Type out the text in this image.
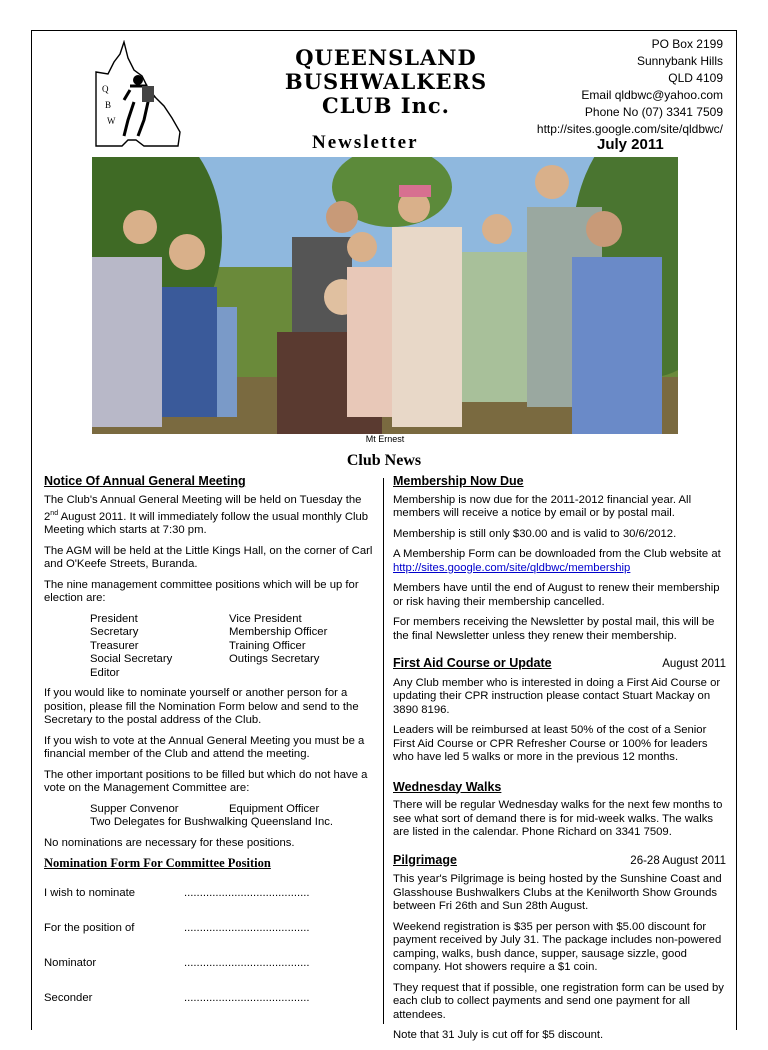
Q
B
W
QUEENSLAND
BUSHWALKERS
CLUB Inc.
Newsletter
PO Box 2199
Sunnybank Hills
QLD 4109
Email qldbwc@yahoo.com
Phone No (07) 3341 7509
http://sites.google.com/site/qldbwc/
July 2011
Mt Ernest
Club News
Notice Of Annual General Meeting

The Club's Annual General Meeting will be held on Tuesday the 2nd August 2011. It will immediately follow the usual monthly Club Meeting which starts at 7:30 pm.

The AGM will be held at the Little Kings Hall, on the corner of Carl and O'Keefe Streets, Buranda.

The nine management committee positions which will be up for election are:

President	Vice President
Secretary	Membership Officer
Treasurer	Training Officer
Social Secretary	Outings Secretary
Editor

If you would like to nominate yourself or another person for a position, please fill the Nomination Form below and send to the Secretary to the postal address of the Club.

If you wish to vote at the Annual General Meeting you must be a financial member of the Club and attend the meeting.

The other important positions to be filled but which do not have a vote on the Management Committee are:

Supper Convenor	Equipment Officer

Two Delegates for Bushwalking Queensland Inc.

No nominations are necessary for these positions.

Nomination Form For Committee Position
I wish to nominate	........................................
For the position of	........................................
Nominator	........................................
Seconder	........................................
Membership Now Due

Membership is now due for the 2011-2012 financial year. All members will receive a notice by email or by postal mail.

Membership is still only $30.00 and is valid to 30/6/2012.

A Membership Form can be downloaded from the Club website at http://sites.google.com/site/qldbwc/membership

Members have until the end of August to renew their membership or risk having their membership cancelled.

For members receiving the Newsletter by postal mail, this will be the final Newsletter unless they renew their membership.

First Aid Course or Update	August 2011

Any Club member who is interested in doing a First Aid Course or updating their CPR instruction please contact Stuart Mackay on 3890 8196.

Leaders will be reimbursed at least 50% of the cost of a Senior First Aid Course or CPR Refresher Course or 100% for leaders who have led 5 walks or more in the previous 12 months.

Wednesday Walks

There will be regular Wednesday walks for the next few months to see what sort of demand there is for mid-week walks. The walks are listed in the calendar. Phone Richard on 3341 7509.

Pilgrimage	26-28 August 2011

This year's Pilgrimage is being hosted by the Sunshine Coast and Glasshouse Bushwalkers Clubs at the Kenilworth Show Grounds between Fri 26th and Sun 28th August.

Weekend registration is $35 per person with $5.00 discount for payment received by July 31. The package includes non-powered camping, walks, bush dance, supper, sausage sizzle, good company. Hot showers require a $1 coin.

They request that if possible, one registration form can be used by each club to collect payments and send one payment for all attendees.

Note that 31 July is cut off for $5 discount.
